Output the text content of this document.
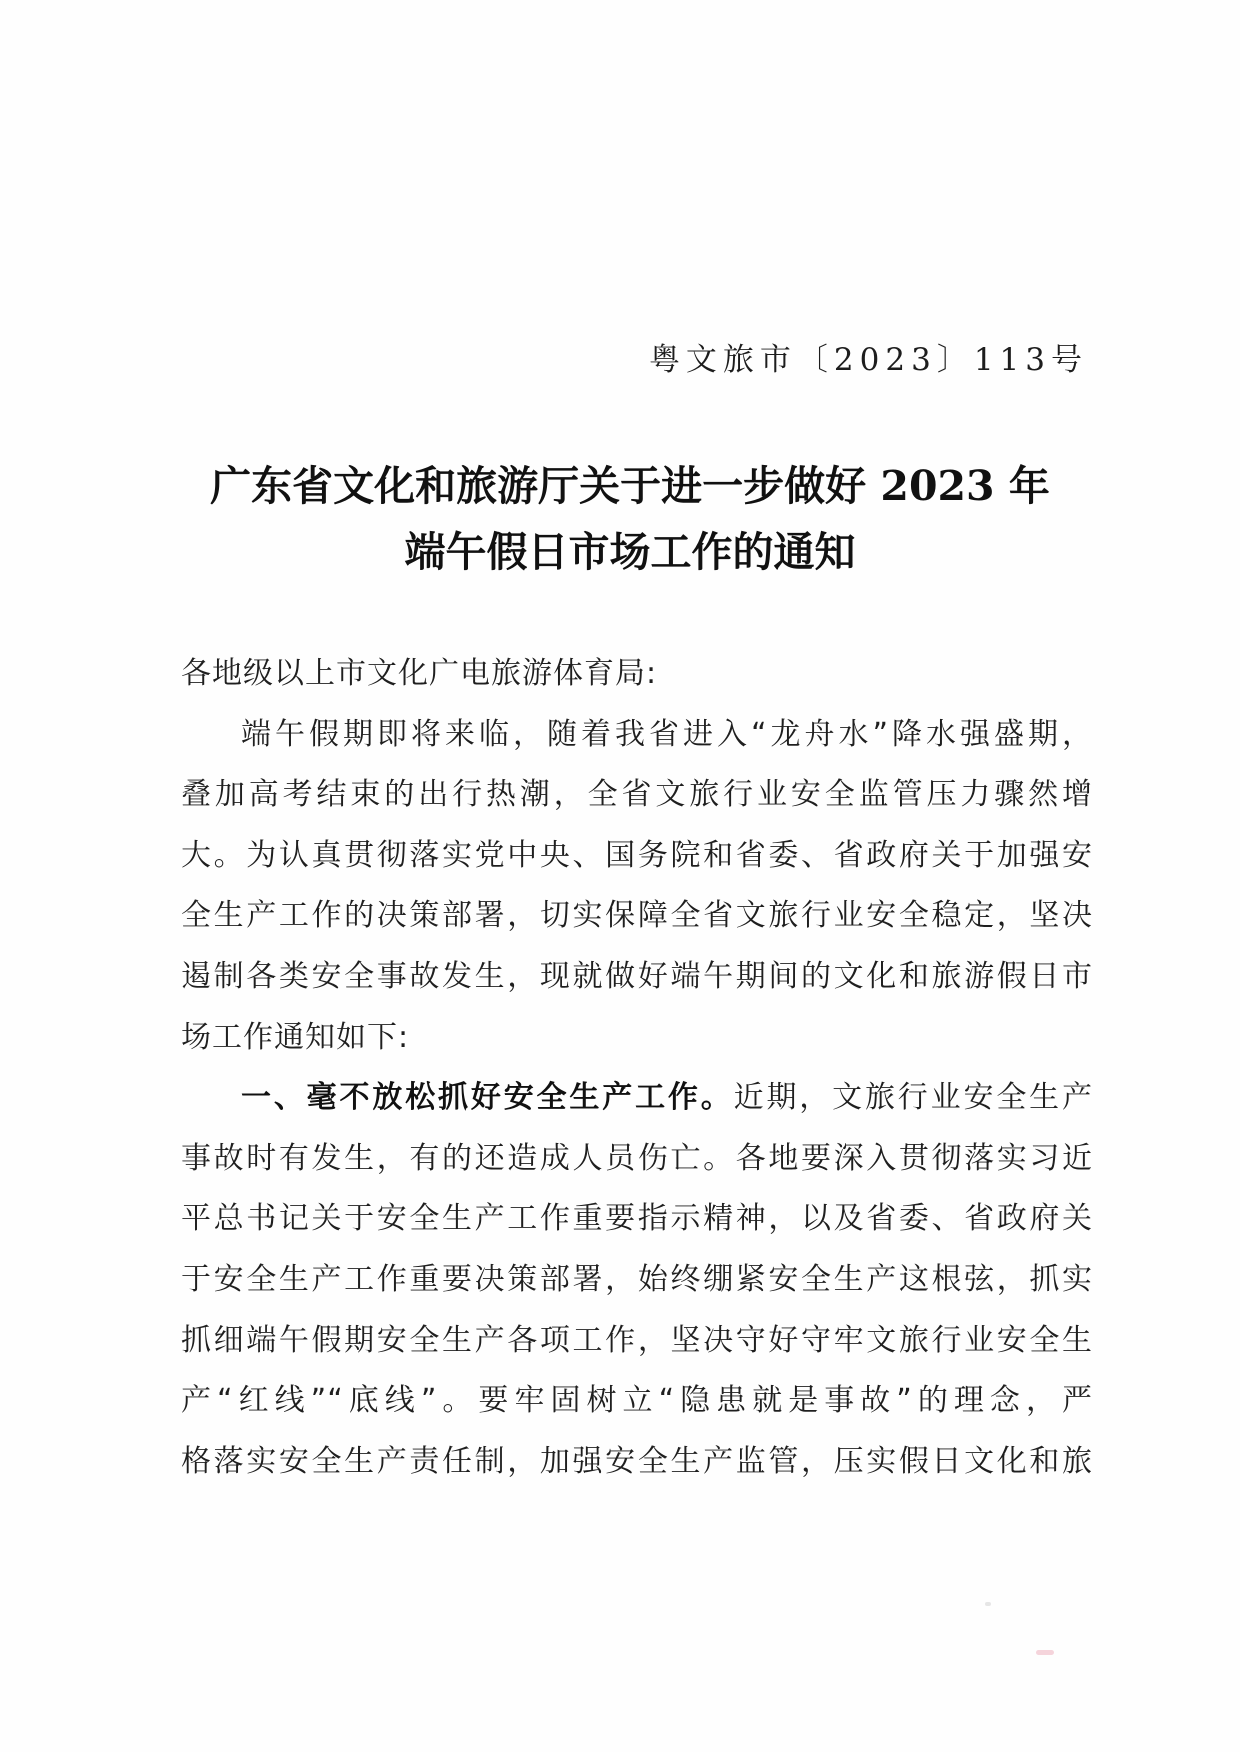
粤文旅市〔2023〕113号
广东省文化和旅游厅关于进一步做好 2023 年
端午假日市场工作的通知
各地级以上市文化广电旅游体育局:
端午假期即将来临，随着我省进入“龙舟水”降水强盛期，
叠加高考结束的出行热潮，全省文旅行业安全监管压力骤然增
大。为认真贯彻落实党中央、国务院和省委、省政府关于加强安
全生产工作的决策部署，切实保障全省文旅行业安全稳定，坚决
遏制各类安全事故发生，现就做好端午期间的文化和旅游假日市
场工作通知如下:
一、毫不放松抓好安全生产工作。近期，文旅行业安全生产
事故时有发生，有的还造成人员伤亡。各地要深入贯彻落实习近
平总书记关于安全生产工作重要指示精神，以及省委、省政府关
于安全生产工作重要决策部署，始终绷紧安全生产这根弦，抓实
抓细端午假期安全生产各项工作，坚决守好守牢文旅行业安全生
产“红线”“底线”。要牢固树立“隐患就是事故”的理念，严
格落实安全生产责任制，加强安全生产监管，压实假日文化和旅
